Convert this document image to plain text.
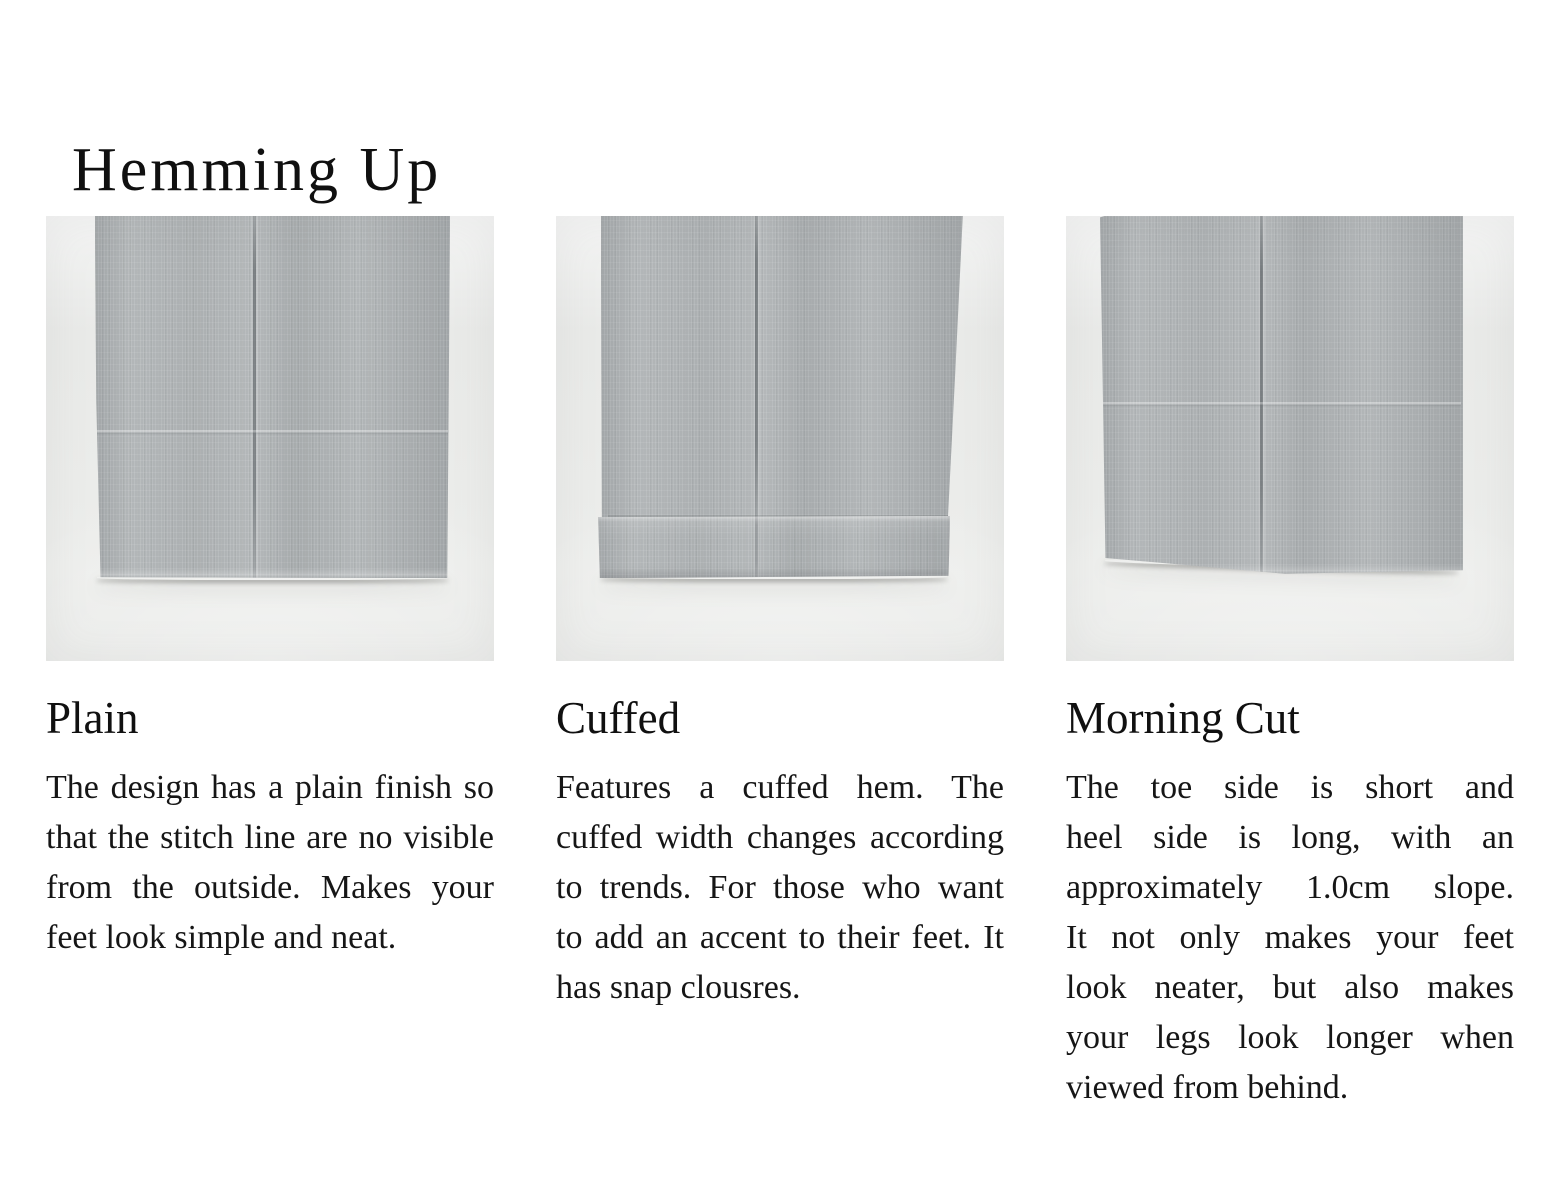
Hemming Up
Plain
The design has a plain finish so
that the stitch line are no visible
from the outside. Makes your
feet look simple and neat.
Cuffed
Features a cuffed hem. The
cuffed width changes according
to trends. For those who want
to add an accent to their feet. It
has snap clousres.
Morning Cut
The toe side is short and
heel side is long, with an
approximately 1.0cm slope.
It not only makes your feet
look neater, but also makes
your legs look longer when
viewed from behind.
